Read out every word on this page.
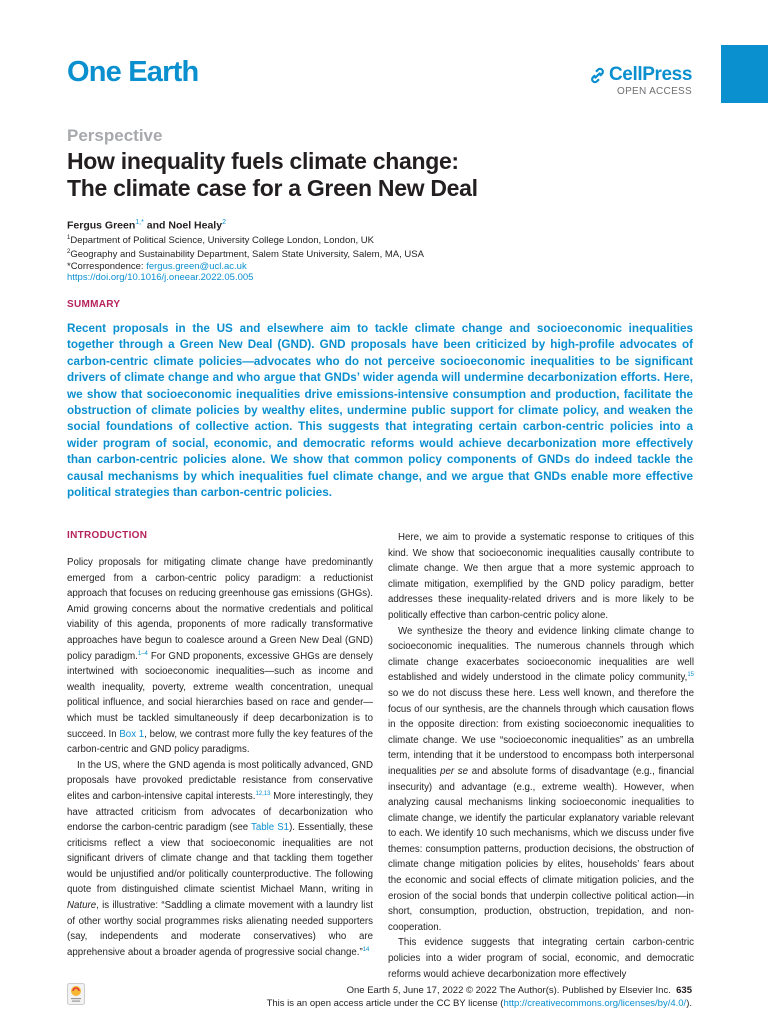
One Earth	CellPress
OPEN ACCESS
Perspective
How inequality fuels climate change:
The climate case for a Green New Deal
Fergus Green$^{1,*}$ and Noel Healy$^2$
$^1$Department of Political Science, University College London, London, UK
$^2$Geography and Sustainability Department, Salem State University, Salem, MA, USA
*Correspondence: fergus.green@ucl.ac.uk
https://doi.org/10.1016/j.oneear.2022.05.005
SUMMARY

Recent proposals in the US and elsewhere aim to tackle climate change and socioeconomic inequalities together through a Green New Deal (GND). GND proposals have been criticized by high-profile advocates of carbon-centric climate policies—advocates who do not perceive socioeconomic inequalities to be significant drivers of climate change and who argue that GNDs’ wider agenda will undermine decarbonization efforts. Here, we show that socioeconomic inequalities drive emissions-intensive consumption and production, facilitate the obstruction of climate policies by wealthy elites, undermine public support for climate policy, and weaken the social foundations of collective action. This suggests that integrating certain carbon-centric policies into a wider program of social, economic, and democratic reforms would achieve decarbonization more effectively than carbon-centric policies alone. We show that common policy components of GNDs do indeed tackle the causal mechanisms by which inequalities fuel climate change, and we argue that GNDs enable more effective political strategies than carbon-centric policies.

INTRODUCTION

Policy proposals for mitigating climate change have predominantly emerged from a carbon-centric policy paradigm: a reductionist approach that focuses on reducing greenhouse gas emissions (GHGs). Amid growing concerns about the normative credentials and political viability of this agenda, proponents of more radically transformative approaches have begun to coalesce around a Green New Deal (GND) policy paradigm.$^{1-4}$ For GND proponents, excessive GHGs are densely intertwined with socioeconomic inequalities—such as income and wealth inequality, poverty, extreme wealth concentration, unequal political influence, and social hierarchies based on race and gender—which must be tackled simultaneously if deep decarbonization is to succeed. In Box 1, below, we contrast more fully the key features of the carbon-centric and GND policy paradigms.

In the US, where the GND agenda is most politically advanced, GND proposals have provoked predictable resistance from conservative elites and carbon-intensive capital interests.$^{12,13}$ More interestingly, they have attracted criticism from advocates of decarbonization who endorse the carbon-centric paradigm (see Table S1). Essentially, these criticisms reflect a view that socioeconomic inequalities are not significant drivers of climate change and that tackling them together would be unjustified and/or politically counterproductive. The following quote from distinguished climate scientist Michael Mann, writing in Nature, is illustrative: “Saddling a climate movement with a laundry list of other worthy social programmes risks alienating needed supporters (say, independents and moderate conservatives) who are apprehensive about a broader agenda of progressive social change.”$^{14}$

Here, we aim to provide a systematic response to critiques of this kind. We show that socioeconomic inequalities causally contribute to climate change. We then argue that a more systemic approach to climate mitigation, exemplified by the GND policy paradigm, better addresses these inequality-related drivers and is more likely to be politically effective than carbon-centric policy alone.

We synthesize the theory and evidence linking climate change to socioeconomic inequalities. The numerous channels through which climate change exacerbates socioeconomic inequalities are well established and widely understood in the climate policy community,$^{15}$ so we do not discuss these here. Less well known, and therefore the focus of our synthesis, are the channels through which causation flows in the opposite direction: from existing socioeconomic inequalities to climate change. We use “socioeconomic inequalities” as an umbrella term, intending that it be understood to encompass both interpersonal inequalities per se and absolute forms of disadvantage (e.g., financial insecurity) and advantage (e.g., extreme wealth). However, when analyzing causal mechanisms linking socioeconomic inequalities to climate change, we identify the particular explanatory variable relevant to each. We identify 10 such mechanisms, which we discuss under five themes: consumption patterns, production decisions, the obstruction of climate change mitigation policies by elites, households’ fears about the economic and social effects of climate mitigation policies, and the erosion of the social bonds that underpin collective political action—in short, consumption, production, obstruction, trepidation, and non-cooperation.

This evidence suggests that integrating certain carbon-centric policies into a wider program of social, economic, and democratic reforms would achieve decarbonization more effectively

One Earth 5, June 17, 2022 © 2022 The Author(s). Published by Elsevier Inc. 635
This is an open access article under the CC BY license (http://creativecommons.org/licenses/by/4.0/).
